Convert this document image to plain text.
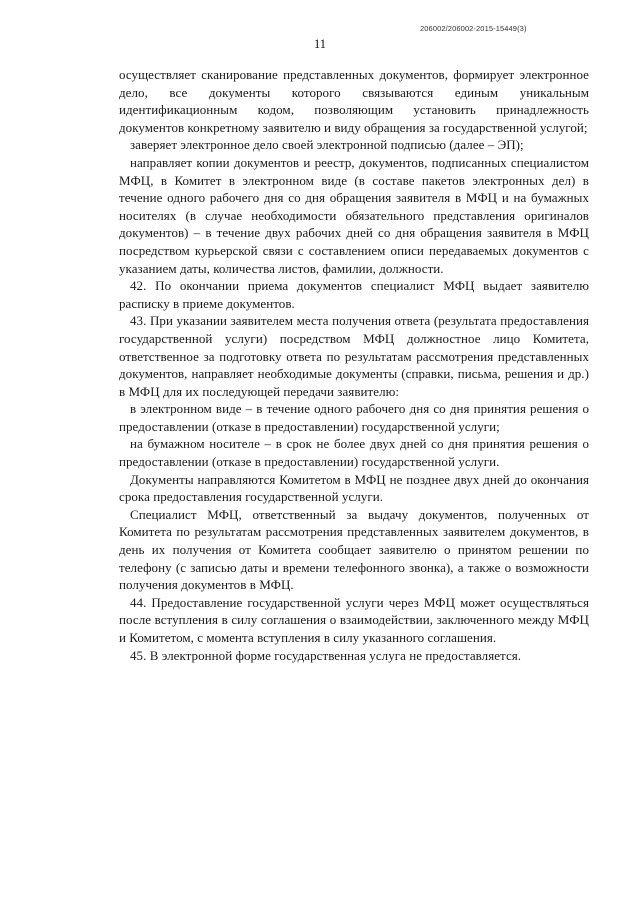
206002/206002-2015-15449(3)
11

осуществляет сканирование представленных документов, формирует электронное дело, все документы которого связываются единым уникальным идентификационным кодом, позволяющим установить принадлежность документов конкретному заявителю и виду обращения за государственной услугой;

заверяет электронное дело своей электронной подписью (далее – ЭП);

направляет копии документов и реестр, документов, подписанных специалистом МФЦ, в Комитет в электронном виде (в составе пакетов электронных дел) в течение одного рабочего дня со дня обращения заявителя в МФЦ и на бумажных носителях (в случае необходимости обязательного представления оригиналов документов) – в течение двух рабочих дней со дня обращения заявителя в МФЦ посредством курьерской связи с составлением описи передаваемых документов с указанием даты, количества листов, фамилии, должности.

42. По окончании приема документов специалист МФЦ выдает заявителю расписку в приеме документов.

43. При указании заявителем места получения ответа (результата предоставления государственной услуги) посредством МФЦ должностное лицо Комитета, ответственное за подготовку ответа по результатам рассмотрения представленных документов, направляет необходимые документы (справки, письма, решения и др.) в МФЦ для их последующей передачи заявителю:

в электронном виде – в течение одного рабочего дня со дня принятия решения о предоставлении (отказе в предоставлении) государственной услуги;

на бумажном носителе – в срок не более двух дней со дня принятия решения о предоставлении (отказе в предоставлении) государственной услуги.

Документы направляются Комитетом в МФЦ не позднее двух дней до окончания срока предоставления государственной услуги.

Специалист МФЦ, ответственный за выдачу документов, полученных от Комитета по результатам рассмотрения представленных заявителем документов, в день их получения от Комитета сообщает заявителю о принятом решении по телефону (с записью даты и времени телефонного звонка), а также о возможности получения документов в МФЦ.

44. Предоставление государственной услуги через МФЦ может осуществляться после вступления в силу соглашения о взаимодействии, заключенного между МФЦ и Комитетом, с момента вступления в силу указанного соглашения.

45. В электронной форме государственная услуга не предоставляется.
